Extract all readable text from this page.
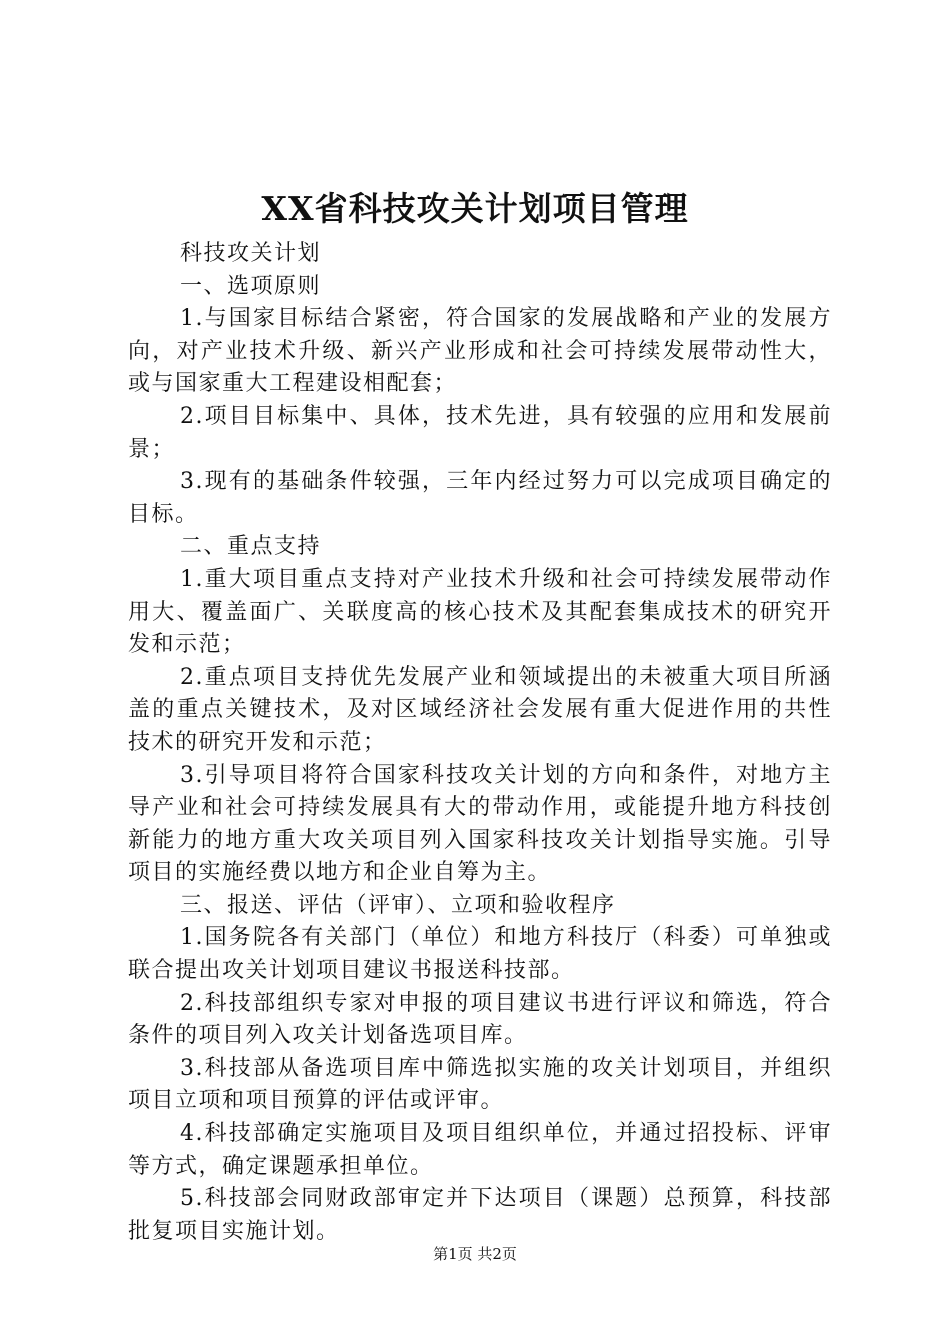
XX省科技攻关计划项目管理

科技攻关计划

一、选项原则

1.与国家目标结合紧密，符合国家的发展战略和产业的发展方向，对产业技术升级、新兴产业形成和社会可持续发展带动性大，或与国家重大工程建设相配套；

2.项目目标集中、具体，技术先进，具有较强的应用和发展前景；

3.现有的基础条件较强，三年内经过努力可以完成项目确定的目标。

二、重点支持

1.重大项目重点支持对产业技术升级和社会可持续发展带动作用大、覆盖面广、关联度高的核心技术及其配套集成技术的研究开发和示范；

2.重点项目支持优先发展产业和领域提出的未被重大项目所涵盖的重点关键技术，及对区域经济社会发展有重大促进作用的共性技术的研究开发和示范；

3.引导项目将符合国家科技攻关计划的方向和条件，对地方主导产业和社会可持续发展具有大的带动作用，或能提升地方科技创新能力的地方重大攻关项目列入国家科技攻关计划指导实施。引导项目的实施经费以地方和企业自筹为主。

三、报送、评估（评审）、立项和验收程序

1.国务院各有关部门（单位）和地方科技厅（科委）可单独或联合提出攻关计划项目建议书报送科技部。

2.科技部组织专家对申报的项目建议书进行评议和筛选，符合条件的项目列入攻关计划备选项目库。

3.科技部从备选项目库中筛选拟实施的攻关计划项目，并组织项目立项和项目预算的评估或评审。

4.科技部确定实施项目及项目组织单位，并通过招投标、评审等方式，确定课题承担单位。

5.科技部会同财政部审定并下达项目（课题）总预算，科技部批复项目实施计划。

第1页 共2页
